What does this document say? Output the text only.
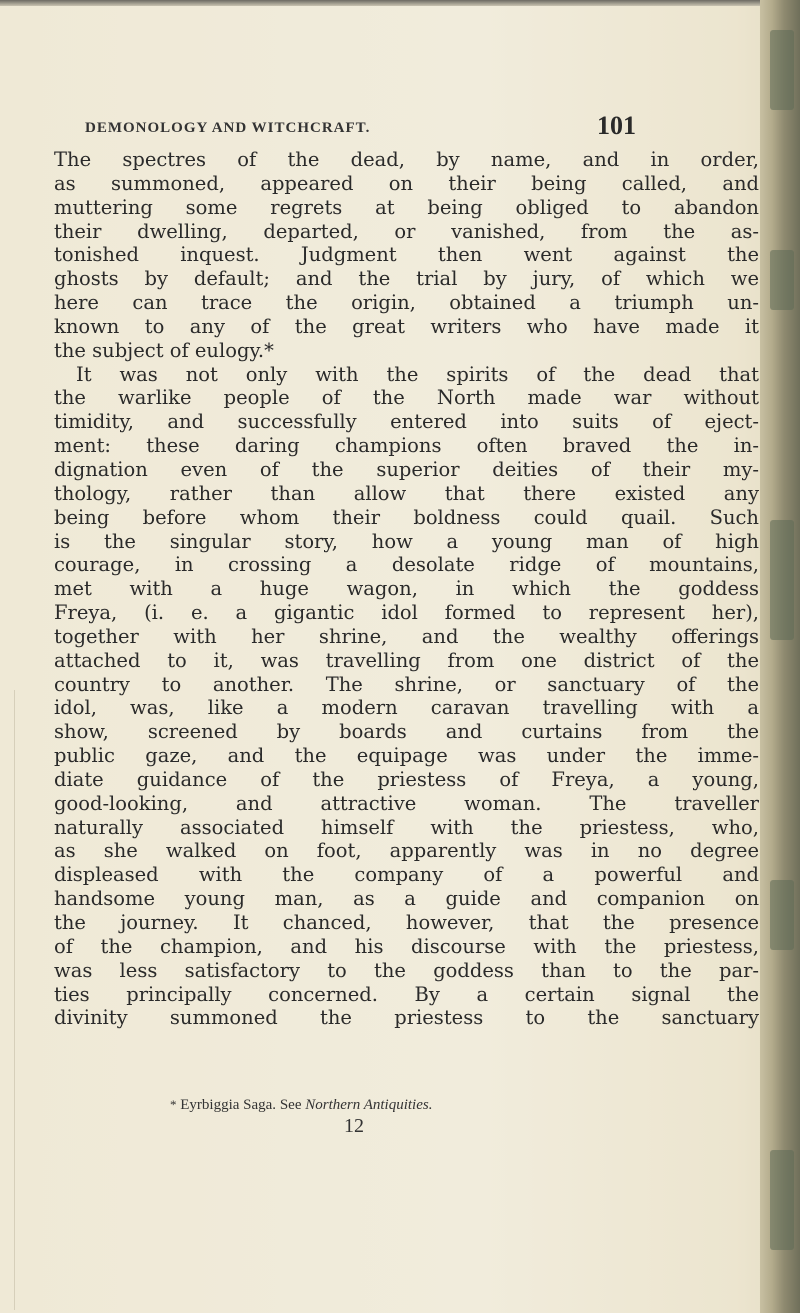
DEMONOLOGY AND WITCHCRAFT.	101
The spectres of the dead, by name, and in order,
as summoned, appeared on their being called, and
muttering some regrets at being obliged to abandon
their dwelling, departed, or vanished, from the as-
tonished inquest. Judgment then went against the
ghosts by default; and the trial by jury, of which we
here can trace the origin, obtained a triumph un-
known to any of the great writers who have made it
the subject of eulogy.*
It was not only with the spirits of the dead that
the warlike people of the North made war without
timidity, and successfully entered into suits of eject-
ment: these daring champions often braved the in-
dignation even of the superior deities of their my-
thology, rather than allow that there existed any
being before whom their boldness could quail. Such
is the singular story, how a young man of high
courage, in crossing a desolate ridge of mountains,
met with a huge wagon, in which the goddess
Freya, (i. e. a gigantic idol formed to represent her),
together with her shrine, and the wealthy offerings
attached to it, was travelling from one district of the
country to another. The shrine, or sanctuary of the
idol, was, like a modern caravan travelling with a
show, screened by boards and curtains from the
public gaze, and the equipage was under the imme-
diate guidance of the priestess of Freya, a young,
good-looking, and attractive woman. The traveller
naturally associated himself with the priestess, who,
as she walked on foot, apparently was in no degree
displeased with the company of a powerful and
handsome young man, as a guide and companion on
the journey. It chanced, however, that the presence
of the champion, and his discourse with the priestess,
was less satisfactory to the goddess than to the par-
ties principally concerned. By a certain signal the
divinity summoned the priestess to the sanctuary
* Eyrbiggia Saga. See Northern Antiquities.
12
